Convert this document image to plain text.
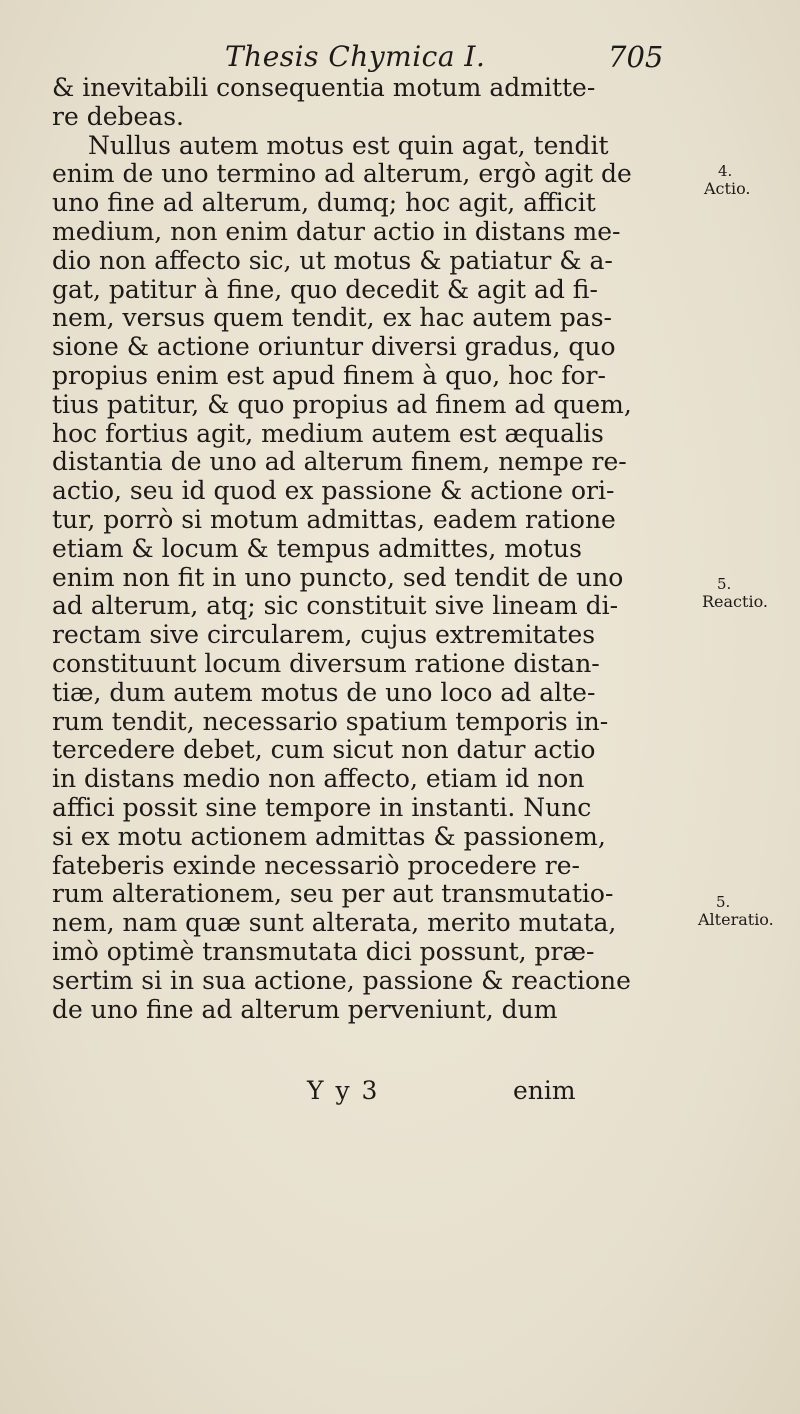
Thesis Chymica I.	705
& inevitabili consequentia motum admitte-
re debeas.
Nullus autem motus est quin agat, tendit
enim de uno termino ad alterum, ergò agit de
uno fine ad alterum, dumq; hoc agit, afficit
medium, non enim datur actio in distans me-
dio non affecto sic, ut motus & patiatur & a-
gat, patitur à fine, quo decedit & agit ad fi-
nem, versus quem tendit, ex hac autem pas-
sione & actione oriuntur diversi gradus, quo
propius enim est apud finem à quo, hoc for-
tius patitur, & quo propius ad finem ad quem,
hoc fortius agit, medium autem est æqualis
distantia de uno ad alterum finem, nempe re-
actio, seu id quod ex passione & actione ori-
tur, porrò si motum admittas, eadem ratione
etiam & locum & tempus admittes, motus
enim non fit in uno puncto, sed tendit de uno
ad alterum, atq; sic constituit sive lineam di-
rectam sive circularem, cujus extremitates
constituunt locum diversum ratione distan-
tiæ, dum autem motus de uno loco ad alte-
rum tendit, necessario spatium temporis in-
tercedere debet, cum sicut non datur actio
in distans medio non affecto, etiam id non
affici possit sine tempore in instanti. Nunc
si ex motu actionem admittas & passionem,
fateberis exinde necessariò procedere re-
rum alterationem, seu per aut transmutatio-
nem, nam quæ sunt alterata, merito mutata,
imò optimè transmutata dici possunt, præ-
sertim si in sua actione, passione & reactione
de uno fine ad alterum perveniunt, dum
4.
Actio.
5.
Reactio.
5.
Alteratio.
Y y 3	enim
